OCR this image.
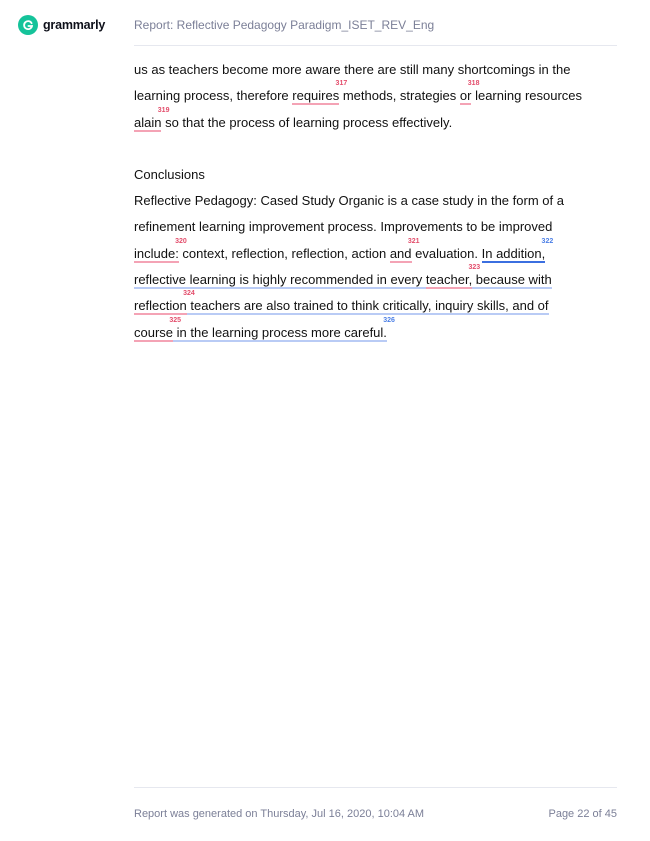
grammarly Report: Reflective Pedagogy Paradigm_ISET_REV_Eng
us as teachers become more aware there are still many shortcomings in the
learning process, therefore requires
317
methods, strategies or
318
learning resources
alain
319
so that the process of learning process effectively.
Conclusions
Reflective Pedagogy: Cased Study Organic is a case study in the form of a
refinement learning improvement process. Improvements to be improved
include:
320
context, reflection, reflection, action and
321
evaluation. In addition,
322
reflective learning is highly recommended in every teacher,
323
because with
reflection
324
teachers are also trained to think critically, inquiry skills, and of
course
325
in the learning process more careful.
326
Report was generated on Thursday, Jul 16, 2020, 10:04 AM	Page 22 of 45
